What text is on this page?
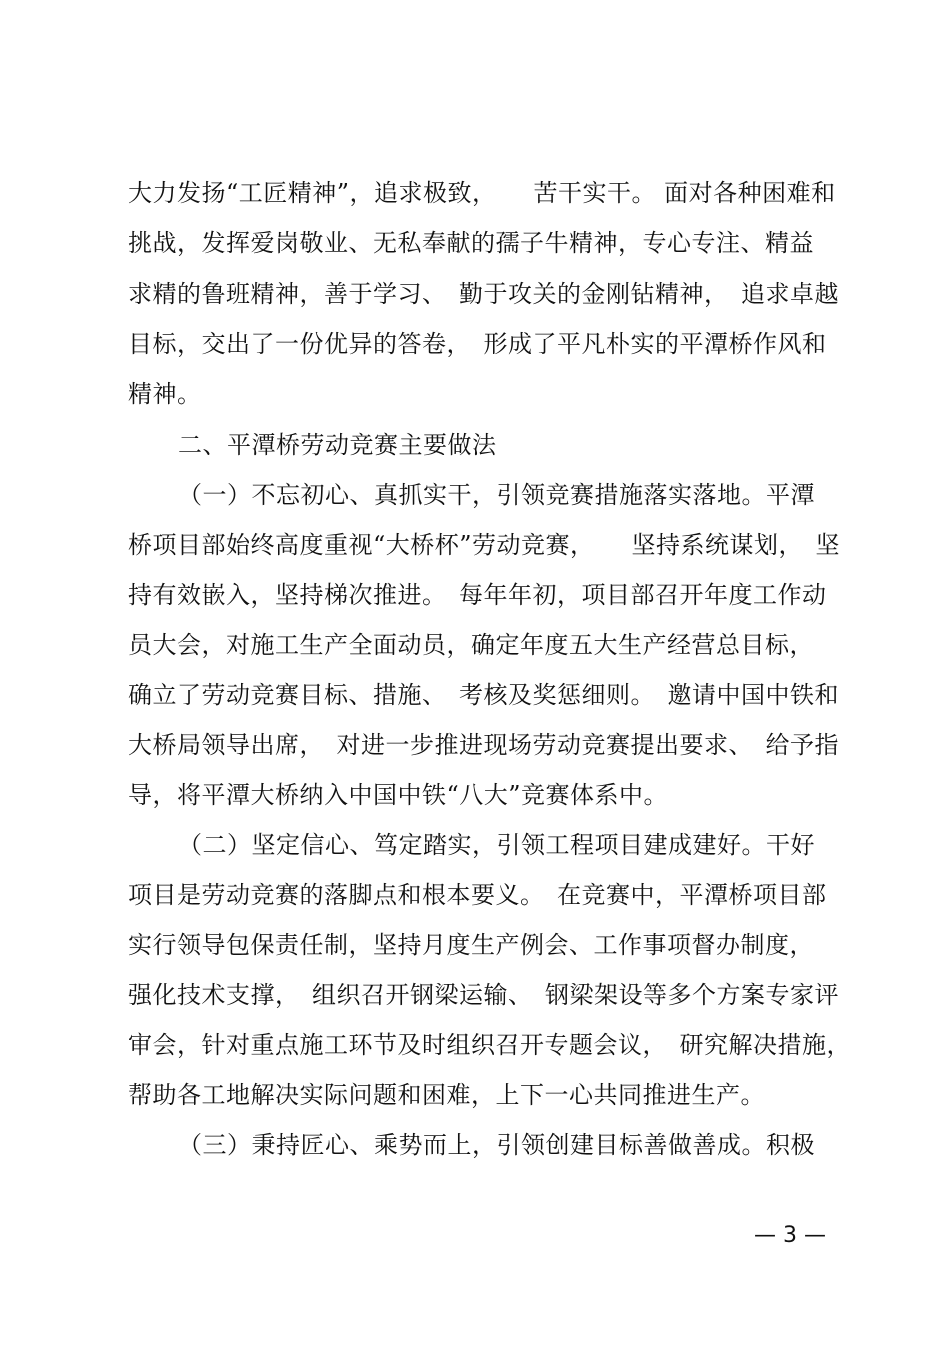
大力发扬“工匠精神”，追求极致，　　苦干实干。 面对各种困难和
挑战，发挥爱岗敬业、无私奉献的孺子牛精神，专心专注、精益
求精的鲁班精神，善于学习、　勤于攻关的金刚钻精神，　追求卓越
目标，交出了一份优异的答卷，　形成了平凡朴实的平潭桥作风和
精神。
二、平潭桥劳动竞赛主要做法
（一）不忘初心、真抓实干，引领竞赛措施落实落地。平潭
桥项目部始终高度重视“大桥杯”劳动竞赛，　　坚持系统谋划，　坚
持有效嵌入，坚持梯次推进。　每年年初，项目部召开年度工作动
员大会，对施工生产全面动员，确定年度五大生产经营总目标，
确立了劳动竞赛目标、措施、　考核及奖惩细则。　邀请中国中铁和
大桥局领导出席，　对进一步推进现场劳动竞赛提出要求、　给予指
导，将平潭大桥纳入中国中铁“八大”竞赛体系中。
（二）坚定信心、笃定踏实，引领工程项目建成建好。干好
项目是劳动竞赛的落脚点和根本要义。　在竞赛中，平潭桥项目部
实行领导包保责任制，坚持月度生产例会、工作事项督办制度，
强化技术支撑，　组织召开钢梁运输、　钢梁架设等多个方案专家评
审会，针对重点施工环节及时组织召开专题会议，　研究解决措施，
帮助各工地解决实际问题和困难，上下一心共同推进生产。
（三）秉持匠心、乘势而上，引领创建目标善做善成。积极
— 3 —
